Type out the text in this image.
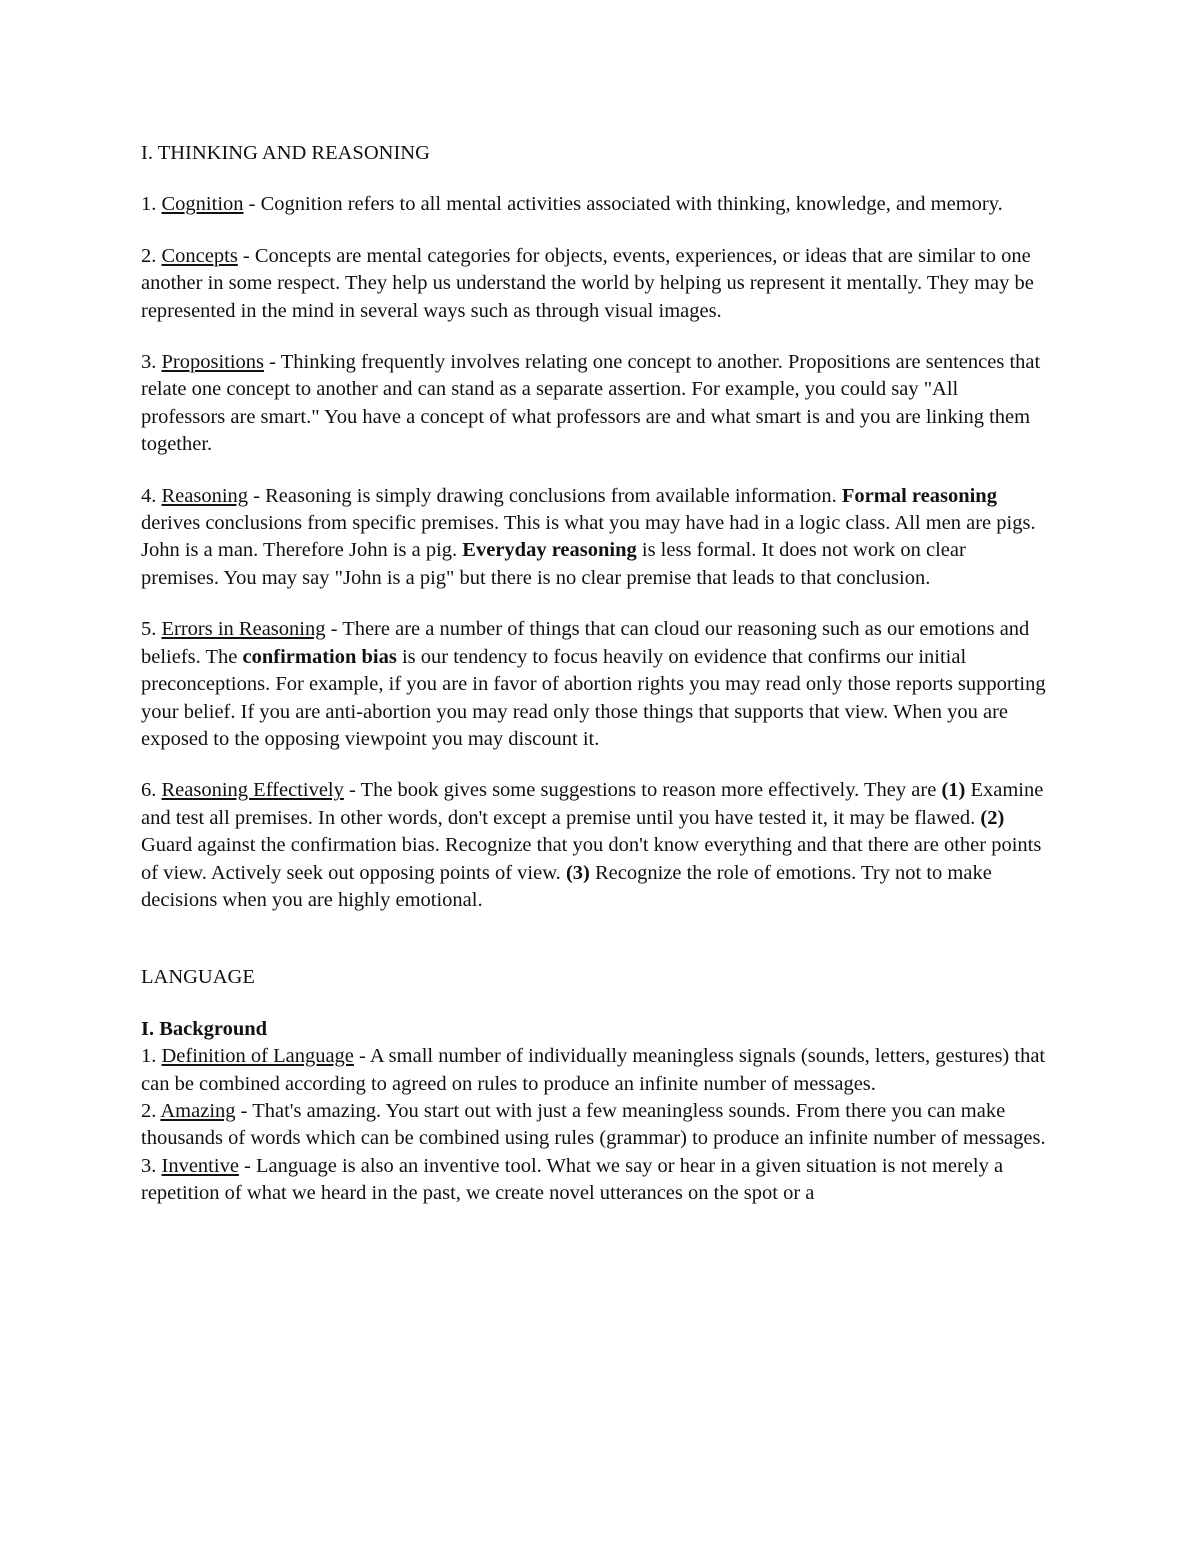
I. THINKING AND REASONING

1. Cognition - Cognition refers to all mental activities associated with thinking, knowledge, and memory.

2. Concepts - Concepts are mental categories for objects, events, experiences, or ideas that are similar to one another in some respect. They help us understand the world by helping us represent it mentally. They may be represented in the mind in several ways such as through visual images.

3. Propositions - Thinking frequently involves relating one concept to another. Propositions are sentences that relate one concept to another and can stand as a separate assertion. For example, you could say "All professors are smart." You have a concept of what professors are and what smart is and you are linking them together.

4. Reasoning - Reasoning is simply drawing conclusions from available information. Formal reasoning derives conclusions from specific premises. This is what you may have had in a logic class. All men are pigs. John is a man. Therefore John is a pig. Everyday reasoning is less formal. It does not work on clear premises. You may say "John is a pig" but there is no clear premise that leads to that conclusion.

5. Errors in Reasoning - There are a number of things that can cloud our reasoning such as our emotions and beliefs. The confirmation bias is our tendency to focus heavily on evidence that confirms our initial preconceptions. For example, if you are in favor of abortion rights you may read only those reports supporting your belief. If you are anti-abortion you may read only those things that supports that view. When you are exposed to the opposing viewpoint you may discount it.

6. Reasoning Effectively - The book gives some suggestions to reason more effectively. They are (1) Examine and test all premises. In other words, don't except a premise until you have tested it, it may be flawed. (2) Guard against the confirmation bias. Recognize that you don't know everything and that there are other points of view. Actively seek out opposing points of view. (3) Recognize the role of emotions. Try not to make decisions when you are highly emotional.

LANGUAGE
I. Background

1. Definition of Language - A small number of individually meaningless signals (sounds, letters, gestures) that can be combined according to agreed on rules to produce an infinite number of messages.

2. Amazing - That's amazing. You start out with just a few meaningless sounds. From there you can make thousands of words which can be combined using rules (grammar) to produce an infinite number of messages.

3. Inventive - Language is also an inventive tool. What we say or hear in a given situation is not merely a repetition of what we heard in the past, we create novel utterances on the spot or a
